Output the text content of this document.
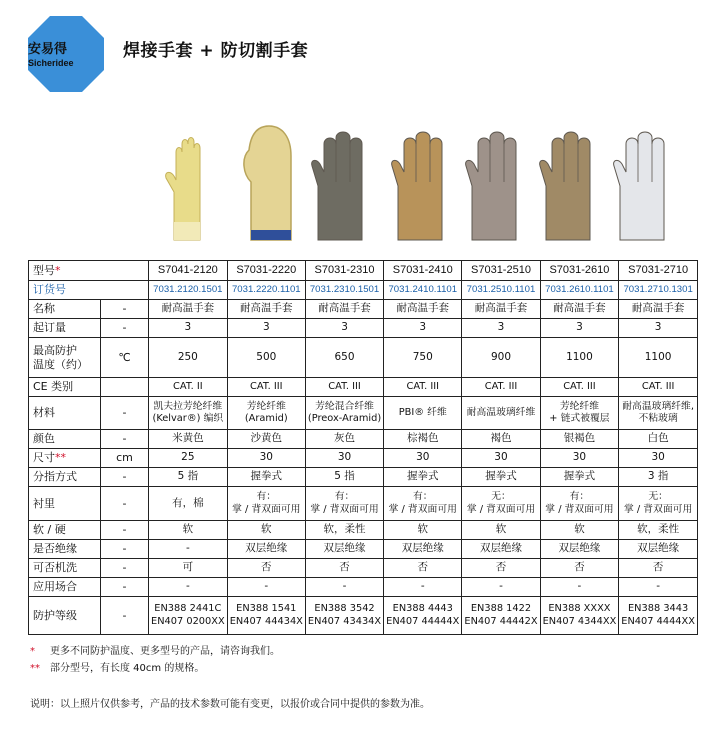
安易得
Sicheridee
焊接手套 + 防切割手套
型号*		S7041-2120	S7031-2220	S7031-2310	S7031-2410	S7031-2510	S7031-2610	S7031-2710
订货号		7031.2120.1501	7031.2220.1101	7031.2310.1501	7031.2410.1101	7031.2510.1101	7031.2610.1101	7031.2710.1301
名称	-	耐高温手套	耐高温手套	耐高温手套	耐高温手套	耐高温手套	耐高温手套	耐高温手套

起订量	-	3	3	3	3	3	3	3

最高防护
温度（约）	℃	250	500	650	750	900	1100	1100

CE 类别		CAT. II	CAT. III	CAT. III	CAT. III	CAT. III	CAT. III	CAT. III

材料	-	凯夫拉芳纶纤维
(Kelvar®) 编织	芳纶纤维
(Aramid)	芳纶混合纤维
(Preox-Aramid)	PBI® 纤维	耐高温玻璃纤维	芳纶纤维
+ 链式被覆层	耐高温玻璃纤维,
不粘玻璃

颜色	-	米黄色	沙黄色	灰色	棕褐色	褐色	银褐色	白色

尺寸**	cm	25	30	30	30	30	30	30

分指方式	-	5 指	握拳式	5 指	握拳式	握拳式	握拳式	3 指

衬里	-	有，棉	有：
掌 / 背双面可用	有：
掌 / 背双面可用	有：
掌 / 背双面可用	无：
掌 / 背双面可用	有：
掌 / 背双面可用	无：
掌 / 背双面可用

软 / 硬	-	软	软	软，柔性	软	软	软	软，柔性

是否绝缘	-	-	双层绝缘	双层绝缘	双层绝缘	双层绝缘	双层绝缘	双层绝缘

可否机洗	-	可	否	否	否	否	否	否

应用场合	-	-	-	-	-	-	-	-

防护等级	-	EN388 2441C
EN407 0200XX	EN388 1541
EN407 44434X	EN388 3542
EN407 43434X	EN388 4443
EN407 44444X	EN388 1422
EN407 44442X	EN388 XXXX
EN407 4344XX	EN388 3443
EN407 4444XX
* 更多不同防护温度、更多型号的产品，请咨询我们。
** 部分型号，有长度 40cm 的规格。
说明：以上照片仅供参考，产品的技术参数可能有变更，以报价或合同中提供的参数为准。
